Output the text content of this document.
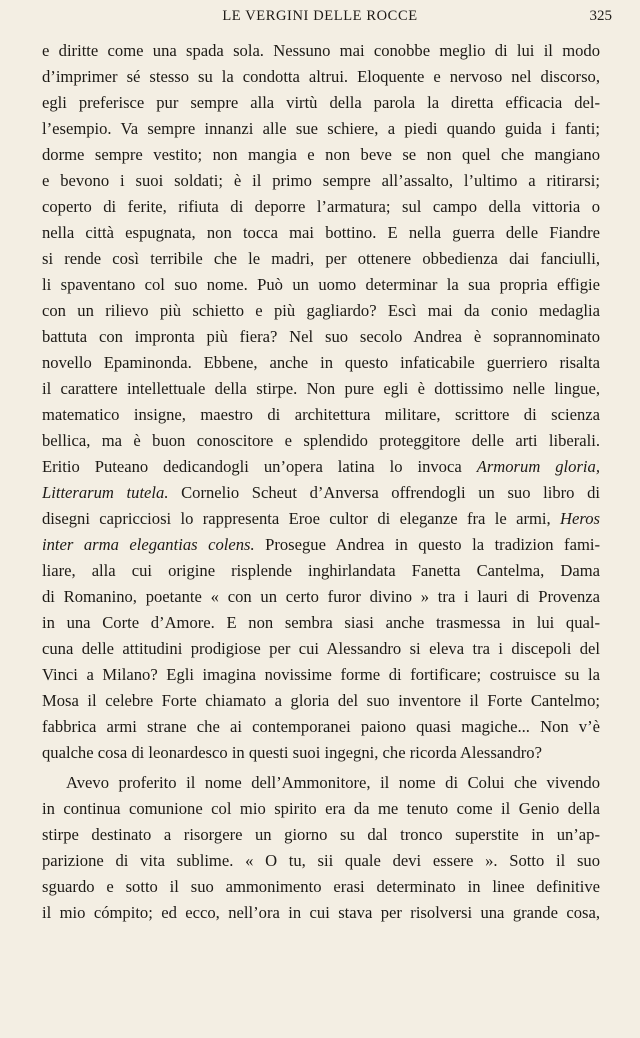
LE VERGINI DELLE ROCCE	325
e diritte come una spada sola. Nessuno mai conobbe meglio di lui il modo
d’imprimer sé stesso su la condotta altrui. Eloquente e nervoso nel discorso,
egli preferisce pur sempre alla virtù della parola la diretta efficacia del-
l’esempio. Va sempre innanzi alle sue schiere, a piedi quando guida i fanti;
dorme sempre vestito; non mangia e non beve se non quel che mangiano
e bevono i suoi soldati; è il primo sempre all’assalto, l’ultimo a ritirarsi;
coperto di ferite, rifiuta di deporre l’armatura; sul campo della vittoria o
nella città espugnata, non tocca mai bottino. E nella guerra delle Fiandre
si rende così terribile che le madri, per ottenere obbedienza dai fanciulli,
li spaventano col suo nome. Può un uomo determinar la sua propria effigie
con un rilievo più schietto e più gagliardo? Escì mai da conio medaglia
battuta con impronta più fiera? Nel suo secolo Andrea è soprannominato
novello Epaminonda. Ebbene, anche in questo infaticabile guerriero risalta
il carattere intellettuale della stirpe. Non pure egli è dottissimo nelle lingue,
matematico insigne, maestro di architettura militare, scrittore di scienza
bellica, ma è buon conoscitore e splendido proteggitore delle arti liberali.
Eritio Puteano dedicandogli un’opera latina lo invoca Armorum gloria,
Litterarum tutela. Cornelio Scheut d’Anversa offrendogli un suo libro di
disegni capricciosi lo rappresenta Eroe cultor di eleganze fra le armi, Heros
inter arma elegantias colens. Prosegue Andrea in questo la tradizion fami-
liare, alla cui origine risplende inghirlandata Fanetta Cantelma, Dama
di Romanino, poetante « con un certo furor divino » tra i lauri di Provenza
in una Corte d’Amore. E non sembra siasi anche trasmessa in lui qual-
cuna delle attitudini prodigiose per cui Alessandro si eleva tra i discepoli del
Vinci a Milano? Egli imagina novissime forme di fortificare; costruisce su la
Mosa il celebre Forte chiamato a gloria del suo inventore il Forte Cantelmo;
fabbrica armi strane che ai contemporanei paiono quasi magiche... Non v’è
qualche cosa di leonardesco in questi suoi ingegni, che ricorda Alessandro?
Avevo proferito il nome dell’Ammonitore, il nome di Colui che vivendo
in continua comunione col mio spirito era da me tenuto come il Genio della
stirpe destinato a risorgere un giorno su dal tronco superstite in un’ap-
parizione di vita sublime. « O tu, sii quale devi essere ». Sotto il suo
sguardo e sotto il suo ammonimento erasi determinato in linee definitive
il mio cómpito; ed ecco, nell’ora in cui stava per risolversi una grande cosa,
